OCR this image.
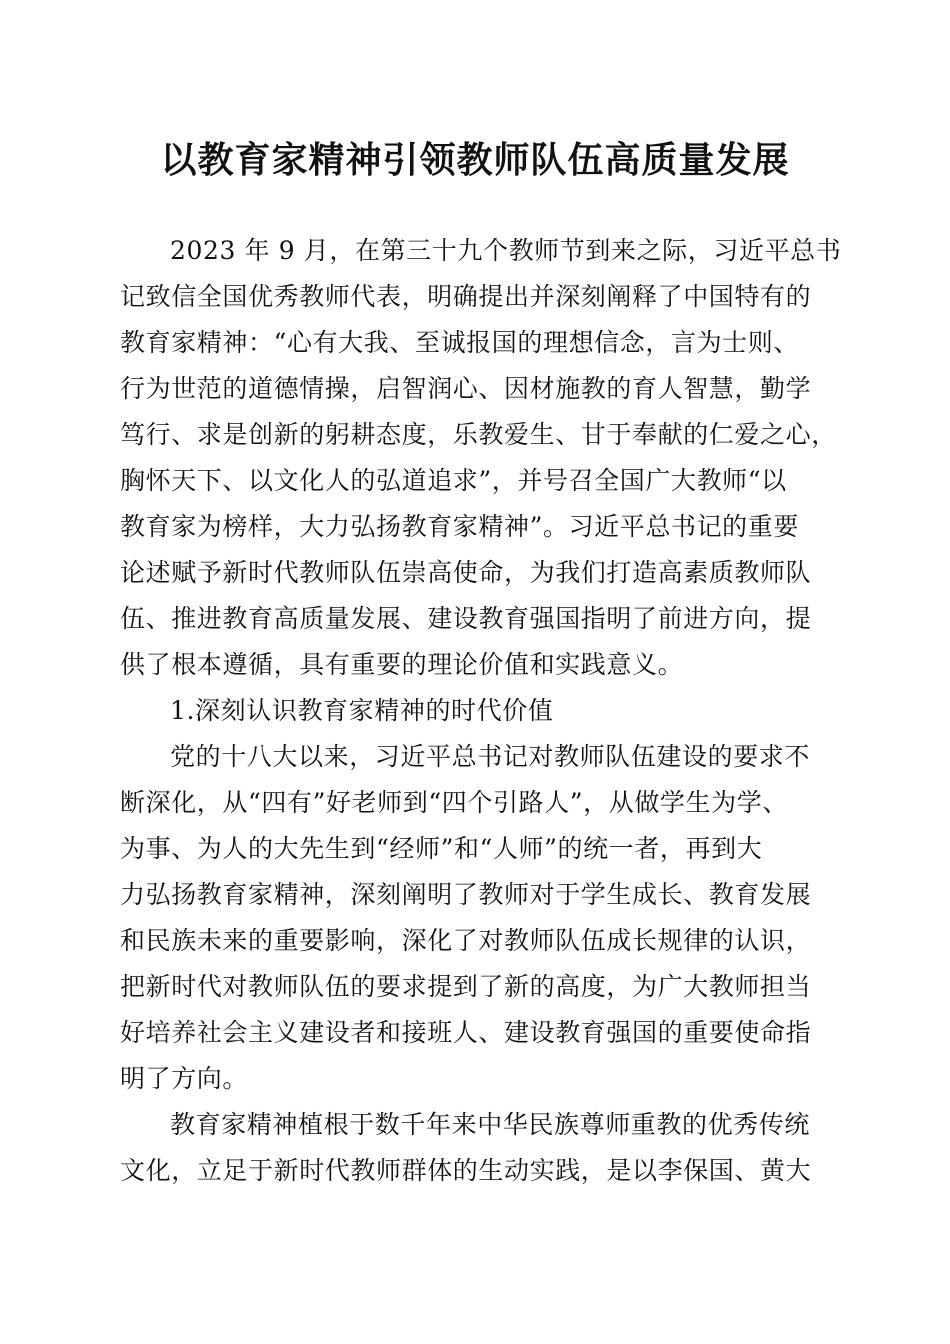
以教育家精神引领教师队伍高质量发展
2023 年 9 月，在第三十九个教师节到来之际，习近平总书
记致信全国优秀教师代表，明确提出并深刻阐释了中国特有的
教育家精神：“心有大我、至诚报国的理想信念，言为士则、
行为世范的道德情操，启智润心、因材施教的育人智慧，勤学
笃行、求是创新的躬耕态度，乐教爱生、甘于奉献的仁爱之心，
胸怀天下、以文化人的弘道追求”，并号召全国广大教师“以
教育家为榜样，大力弘扬教育家精神”。习近平总书记的重要
论述赋予新时代教师队伍崇高使命，为我们打造高素质教师队
伍、推进教育高质量发展、建设教育强国指明了前进方向，提
供了根本遵循，具有重要的理论价值和实践意义。
1.深刻认识教育家精神的时代价值
党的十八大以来，习近平总书记对教师队伍建设的要求不
断深化，从“四有”好老师到“四个引路人”，从做学生为学、
为事、为人的大先生到“经师”和“人师”的统一者，再到大
力弘扬教育家精神，深刻阐明了教师对于学生成长、教育发展
和民族未来的重要影响，深化了对教师队伍成长规律的认识，
把新时代对教师队伍的要求提到了新的高度，为广大教师担当
好培养社会主义建设者和接班人、建设教育强国的重要使命指
明了方向。
教育家精神植根于数千年来中华民族尊师重教的优秀传统
文化，立足于新时代教师群体的生动实践，是以李保国、黄大
